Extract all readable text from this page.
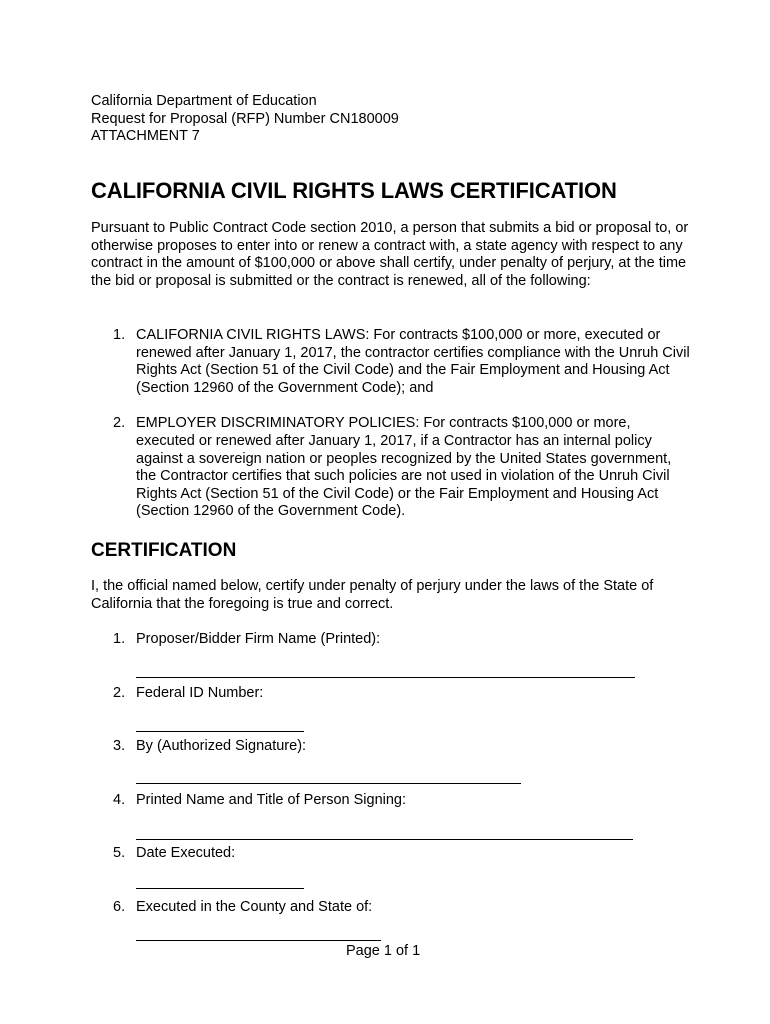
California Department of Education
Request for Proposal (RFP) Number CN180009
ATTACHMENT 7
CALIFORNIA CIVIL RIGHTS LAWS CERTIFICATION

Pursuant to Public Contract Code section 2010, a person that submits a bid or proposal to, or otherwise proposes to enter into or renew a contract with, a state agency with respect to any contract in the amount of $100,000 or above shall certify, under penalty of perjury, at the time the bid or proposal is submitted or the contract is renewed, all of the following:

1. CALIFORNIA CIVIL RIGHTS LAWS: For contracts $100,000 or more, executed or renewed after January 1, 2017, the contractor certifies compliance with the Unruh Civil Rights Act (Section 51 of the Civil Code) and the Fair Employment and Housing Act (Section 12960 of the Government Code); and
2. EMPLOYER DISCRIMINATORY POLICIES: For contracts $100,000 or more, executed or renewed after January 1, 2017, if a Contractor has an internal policy against a sovereign nation or peoples recognized by the United States government, the Contractor certifies that such policies are not used in violation of the Unruh Civil Rights Act (Section 51 of the Civil Code) or the Fair Employment and Housing Act (Section 12960 of the Government Code).
CERTIFICATION

I, the official named below, certify under penalty of perjury under the laws of the State of California that the foregoing is true and correct.

1. Proposer/Bidder Firm Name (Printed):
2. Federal ID Number:
3. By (Authorized Signature):
4. Printed Name and Title of Person Signing:
5. Date Executed:
6. Executed in the County and State of:
Page 1 of 1
